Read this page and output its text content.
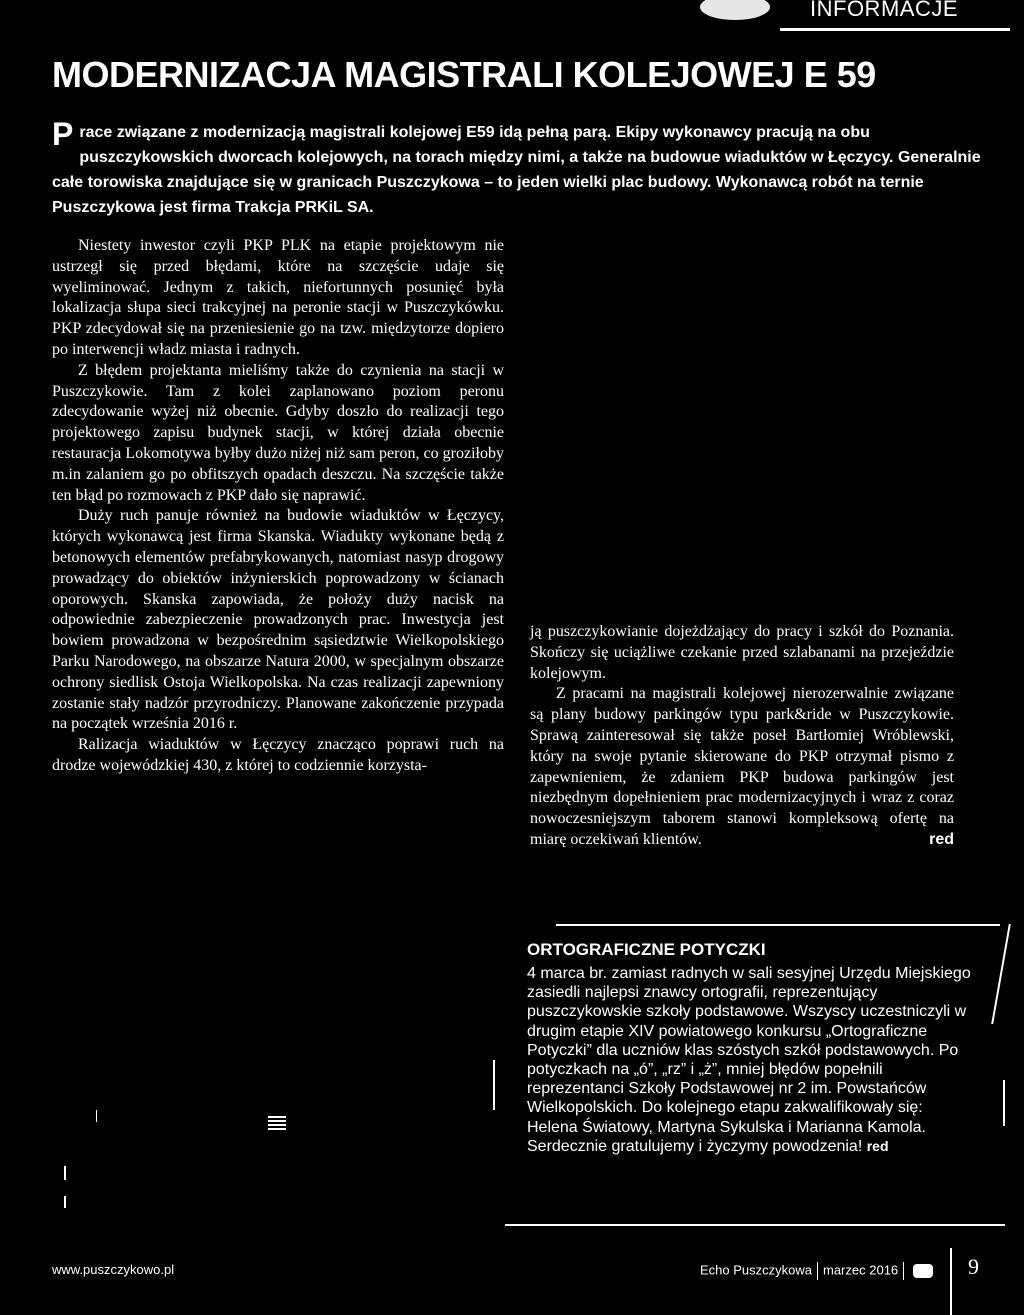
INFORMACJE
MODERNIZACJA MAGISTRALI KOLEJOWEJ E 59
Prace związane z modernizacją magistrali kolejowej E59 idą pełną parą. Ekipy wykonawcy pracują na obu puszczykowskich dworcach kolejowych, na torach między nimi, a także na budowue wiaduktów w Łęczycy. Generalnie całe torowiska znajdujące się w granicach Puszczykowa – to jeden wielki plac budowy. Wykonawcą robót na ternie Puszczykowa jest firma Trakcja PRKiL SA.

Niestety inwestor czyli PKP PLK na etapie projektowym nie ustrzegł się przed błędami, które na szczęście udaje się wyeliminować. Jednym z takich, niefortunnych posunięć była lokalizacja słupa sieci trakcyjnej na peronie stacji w Puszczykówku. PKP zdecydował się na przeniesienie go na tzw. międzytorze dopiero po interwencji władz miasta i radnych.

Z błędem projektanta mieliśmy także do czynienia na stacji w Puszczykowie. Tam z kolei zaplanowano poziom peronu zdecydowanie wyżej niż obecnie. Gdyby doszło do realizacji tego projektowego zapisu budynek stacji, w której działa obecnie restauracja Lokomotywa byłby dużo niżej niż sam peron, co groziłoby m.in zalaniem go po obfitszych opadach deszczu. Na szczęście także ten błąd po rozmowach z PKP dało się naprawić.

Duży ruch panuje również na budowie wiaduktów w Łęczycy, których wykonawcą jest firma Skanska. Wiadukty wykonane będą z betonowych elementów prefabrykowanych, natomiast nasyp drogowy prowadzący do obiektów inżynierskich poprowadzony w ścianach oporowych. Skanska zapowiada, że położy duży nacisk na odpowiednie zabezpieczenie prowadzonych prac. Inwestycja jest bowiem prowadzona w bezpośrednim sąsiedztwie Wielkopolskiego Parku Narodowego, na obszarze Natura 2000, w specjalnym obszarze ochrony siedlisk Ostoja Wielkopolska. Na czas realizacji zapewniony zostanie stały nadzór przyrodniczy. Planowane zakończenie przypada na początek września 2016 r.

Ralizacja wiaduktów w Łęczycy znacząco poprawi ruch na drodze wojewódzkiej 430, z której to codziennie korzysta-

ją puszczykowianie dojeżdżający do pracy i szkół do Poznania. Skończy się uciążliwe czekanie przed szlabanami na przejeździe kolejowym.

Z pracami na magistrali kolejowej nierozerwalnie związane są plany budowy parkingów typu park&ride w Puszczykowie. Sprawą zainteresował się także poseł Bartłomiej Wróblewski, który na swoje pytanie skierowane do PKP otrzymał pismo z zapewnieniem, że zdaniem PKP budowa parkingów jest niezbędnym dopełnieniem prac modernizacyjnych i wraz z coraz nowoczesniejszym taborem stanowi kompleksową ofertę na miarę oczekiwań klientów.	red

ORTOGRAFICZNE POTYCZKI
4 marca br. zamiast radnych w sali sesyjnej Urzędu Miejskiego zasiedli najlepsi znawcy ortografii, reprezentujący puszczykowskie szkoły podstawowe. Wszyscy uczestniczyli w drugim etapie XIV powiatowego konkursu „Ortograficzne Potyczki” dla uczniów klas szóstych szkół podstawowych. Po potyczkach na „ó”, „rz” i „ż”, mniej błędów popełnili reprezentanci Szkoły Podstawowej nr 2 im. Powstańców Wielkopolskich. Do kolejnego etapu zakwalifikowały się: Helena Światowy, Martyna Sykulska i Marianna Kamola. Serdecznie gratulujemy i życzymy powodzenia! red
www.puszczykowo.pl	Echo Puszczykowa marzec 2016	9
